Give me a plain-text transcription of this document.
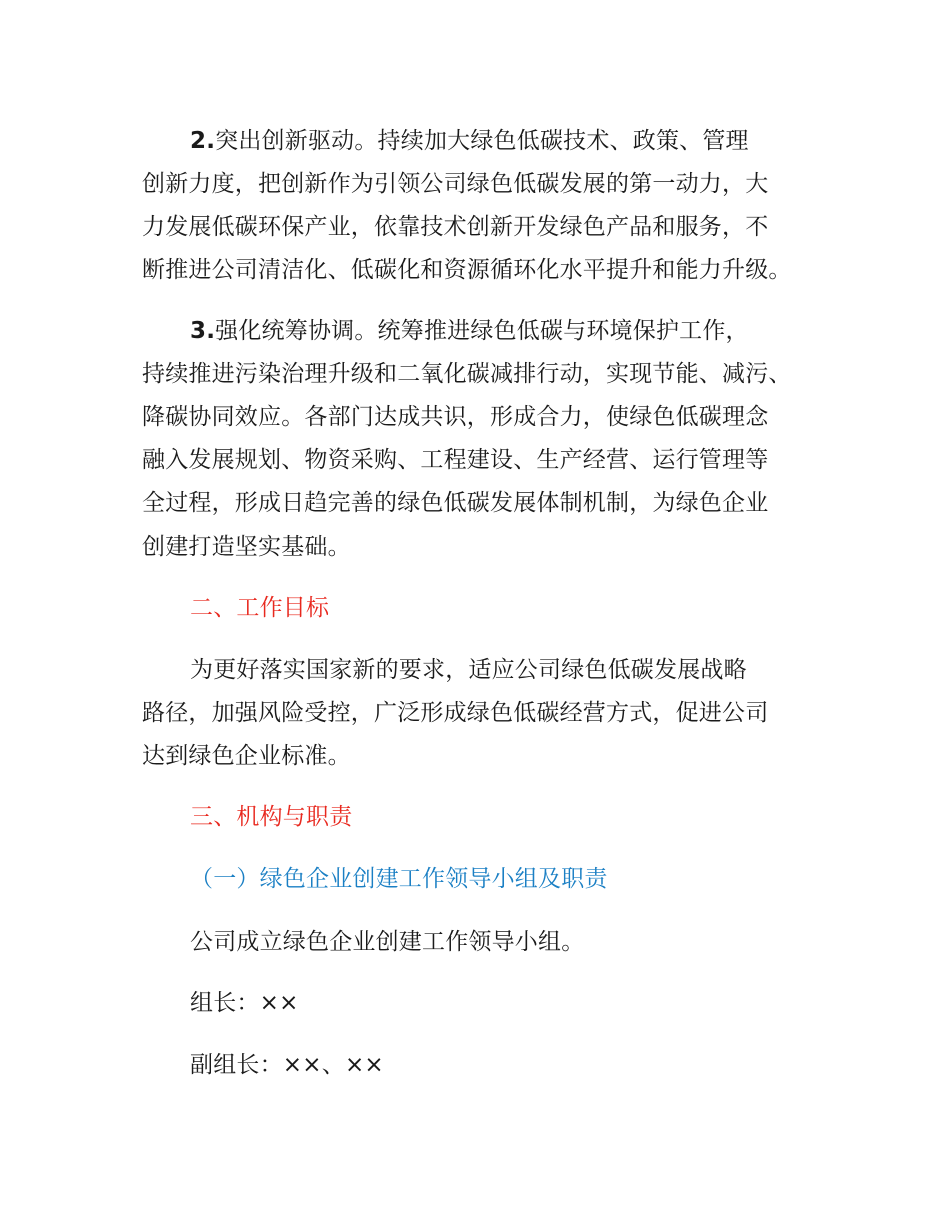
2.突出创新驱动。持续加大绿色低碳技术、政策、管理
创新力度，把创新作为引领公司绿色低碳发展的第一动力，大
力发展低碳环保产业，依靠技术创新开发绿色产品和服务，不
断推进公司清洁化、低碳化和资源循环化水平提升和能力升级。
3.强化统筹协调。统筹推进绿色低碳与环境保护工作，
持续推进污染治理升级和二氧化碳减排行动，实现节能、减污、
降碳协同效应。各部门达成共识，形成合力，使绿色低碳理念
融入发展规划、物资采购、工程建设、生产经营、运行管理等
全过程，形成日趋完善的绿色低碳发展体制机制，为绿色企业
创建打造坚实基础。
二、工作目标
为更好落实国家新的要求，适应公司绿色低碳发展战略
路径，加强风险受控，广泛形成绿色低碳经营方式，促进公司
达到绿色企业标准。
三、机构与职责
（一）绿色企业创建工作领导小组及职责
公司成立绿色企业创建工作领导小组。
组长：××
副组长：××、××
